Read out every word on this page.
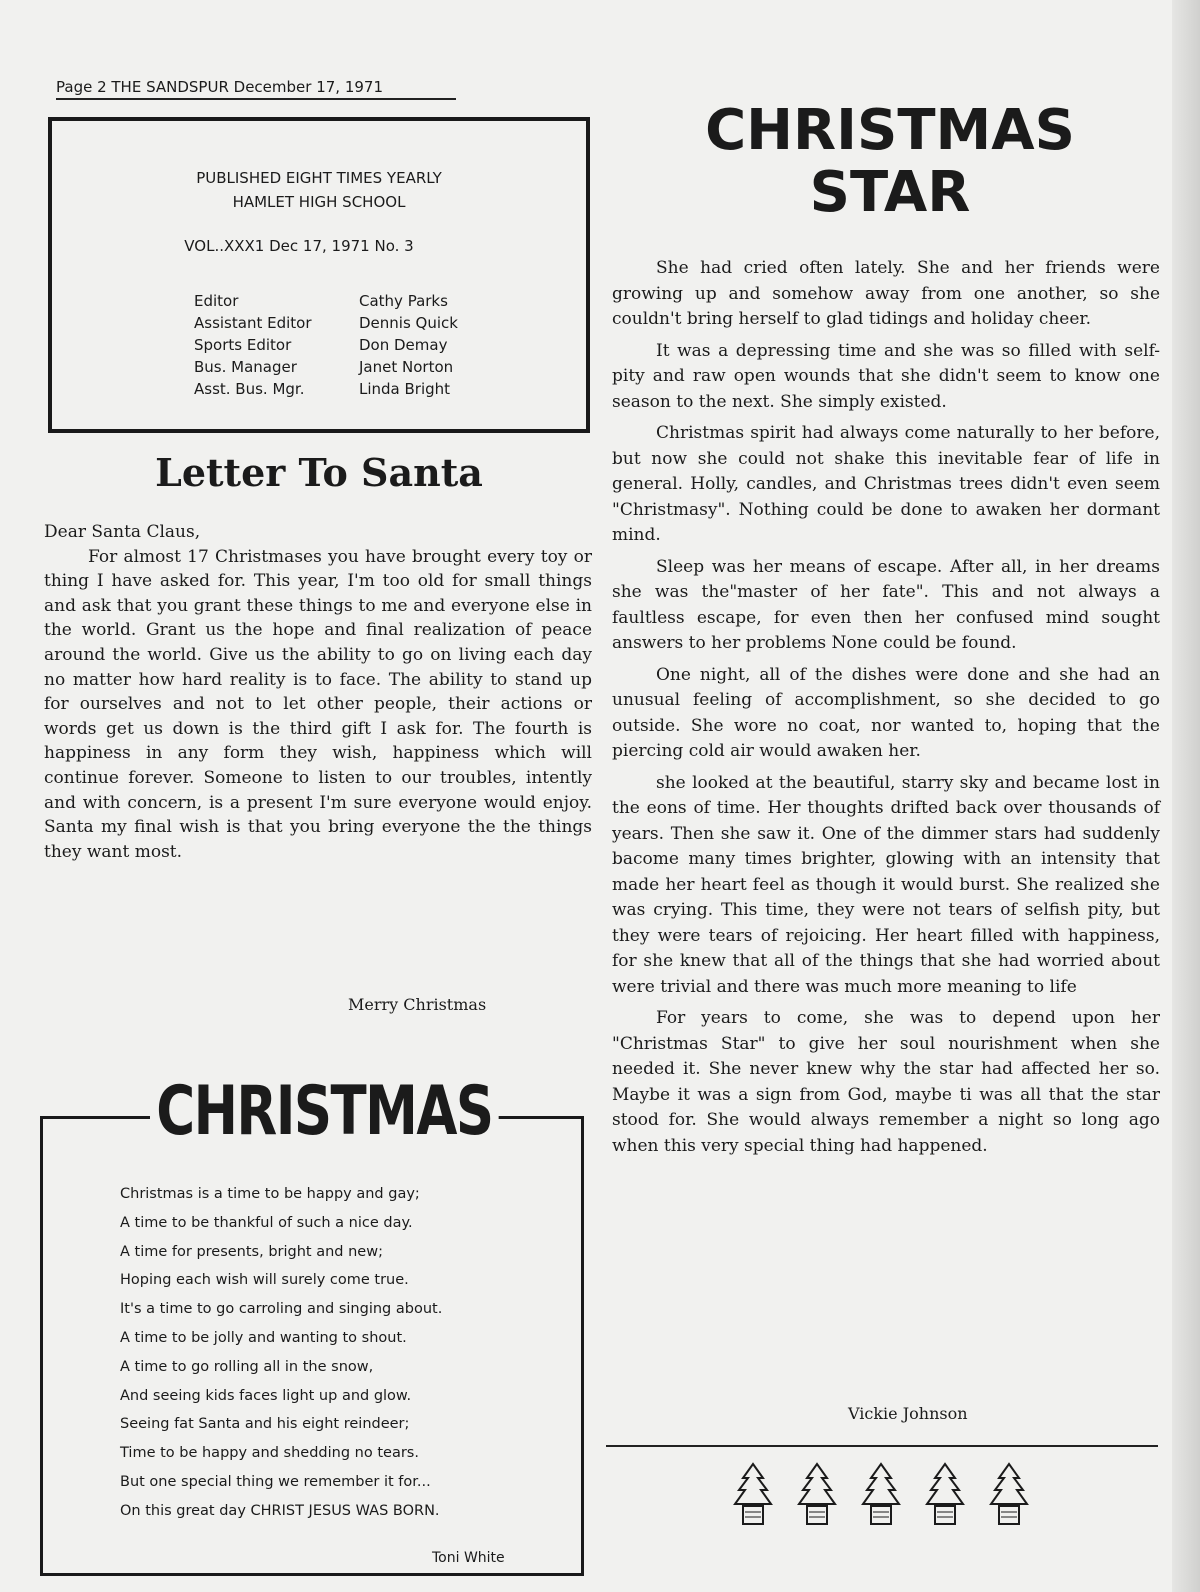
Page 2 THE SANDSPUR December 17, 1971
PUBLISHED EIGHT TIMES YEARLY
HAMLET HIGH SCHOOL
VOL..XXX1 Dec 17, 1971 No. 3
Editor	Cathy Parks
Assistant Editor	Dennis Quick
Sports Editor	Don Demay
Bus. Manager	Janet Norton
Asst. Bus. Mgr.	Linda Bright
Letter To Santa

Dear Santa Claus,

For almost 17 Christmases you have brought every toy or thing I have asked for. This year, I'm too old for small things and ask that you grant these things to me and everyone else in the world. Grant us the hope and final realization of peace around the world. Give us the ability to go on living each day no matter how hard reality is to face. The ability to stand up for ourselves and not to let other people, their actions or words get us down is the third gift I ask for. The fourth is happiness in any form they wish, happiness which will continue forever. Someone to listen to our troubles, intently and with concern, is a present I'm sure everyone would enjoy. Santa my final wish is that you bring everyone the the things they want most.

Merry Christmas
CHRISTMAS
Christmas is a time to be happy and gay;
A time to be thankful of such a nice day.
A time for presents, bright and new;
Hoping each wish will surely come true.
It's a time to go carroling and singing about.
A time to be jolly and wanting to shout.
A time to go rolling all in the snow,
And seeing kids faces light up and glow.
Seeing fat Santa and his eight reindeer;
Time to be happy and shedding no tears.
But one special thing we remember it for...
On this great day CHRIST JESUS WAS BORN.
Toni White
CHRISTMAS
STAR

She had cried often lately. She and her friends were growing up and somehow away from one another, so she couldn't bring herself to glad tidings and holiday cheer.

It was a depressing time and she was so filled with self-pity and raw open wounds that she didn't seem to know one season to the next. She simply existed.

Christmas spirit had always come naturally to her before, but now she could not shake this inevitable fear of life in general. Holly, candles, and Christmas trees didn't even seem "Christmasy". Nothing could be done to awaken her dormant mind.

Sleep was her means of escape. After all, in her dreams she was the"master of her fate". This and not always a faultless escape, for even then her confused mind sought answers to her problems None could be found.

One night, all of the dishes were done and she had an unusual feeling of accomplishment, so she decided to go outside. She wore no coat, nor wanted to, hoping that the piercing cold air would awaken her.

she looked at the beautiful, starry sky and became lost in the eons of time. Her thoughts drifted back over thousands of years. Then she saw it. One of the dimmer stars had suddenly bacome many times brighter, glowing with an intensity that made her heart feel as though it would burst. She realized she was crying. This time, they were not tears of selfish pity, but they were tears of rejoicing. Her heart filled with happiness, for she knew that all of the things that she had worried about were trivial and there was much more meaning to life

For years to come, she was to depend upon her "Christmas Star" to give her soul nourishment when she needed it. She never knew why the star had affected her so. Maybe it was a sign from God, maybe ti was all that the star stood for. She would always remember a night so long ago when this very special thing had happened.

Vickie Johnson
